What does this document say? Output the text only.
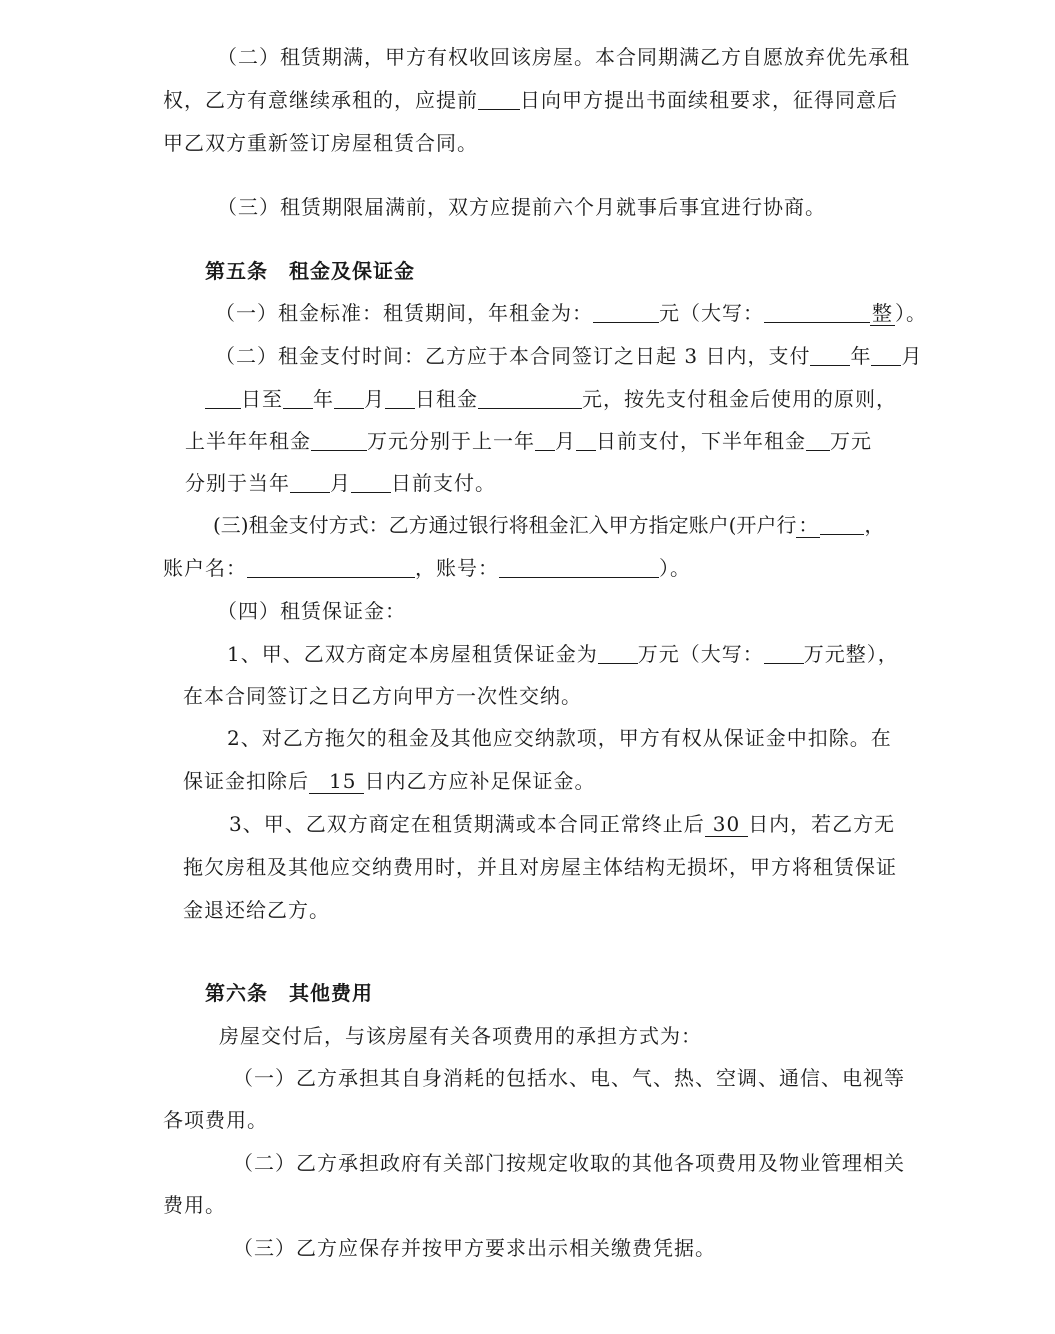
（二）租赁期满，甲方有权收回该房屋。本合同期满乙方自愿放弃优先承租
权，乙方有意继续承租的，应提前 日向甲方提出书面续租要求，征得同意后
甲乙双方重新签订房屋租赁合同。
（三）租赁期限届满前，双方应提前六个月就事后事宜进行协商。
第五条　租金及保证金
（一）租金标准：租赁期间，年租金为：	元（大写：	整 ）。
（二）租金支付时间：乙方应于本合同签订之日起 3 日内，支付 年 月
日至 年 月 日租金	元，按先支付租金后使用的原则，
上半年年租金	万元分别于上一年 月 日前支付，下半年租金 万元
分别于当年 月 日前支付。
(三)租金支付方式：乙方通过银行将租金汇入甲方指定账户(开户行 ： ，
账户名：	，账号：	）。
（四）租赁保证金：
1、甲、乙双方商定本房屋租赁保证金为 万元（大写： 万元整），
在本合同签订之日乙方向甲方一次性交纳。
2、对乙方拖欠的租金及其他应交纳款项，甲方有权从保证金中扣除。在
保证金扣除后 15 日内乙方应补足保证金。
3、甲、乙双方商定在租赁期满或本合同正常终止后 30 日内，若乙方无
拖欠房租及其他应交纳费用时，并且对房屋主体结构无损坏，甲方将租赁保证
金退还给乙方。
第六条　其他费用
房屋交付后，与该房屋有关各项费用的承担方式为：
（一）乙方承担其自身消耗的包括水、电、气、热、空调、通信、电视等
各项费用。
（二）乙方承担政府有关部门按规定收取的其他各项费用及物业管理相关
费用。
（三）乙方应保存并按甲方要求出示相关缴费凭据。
